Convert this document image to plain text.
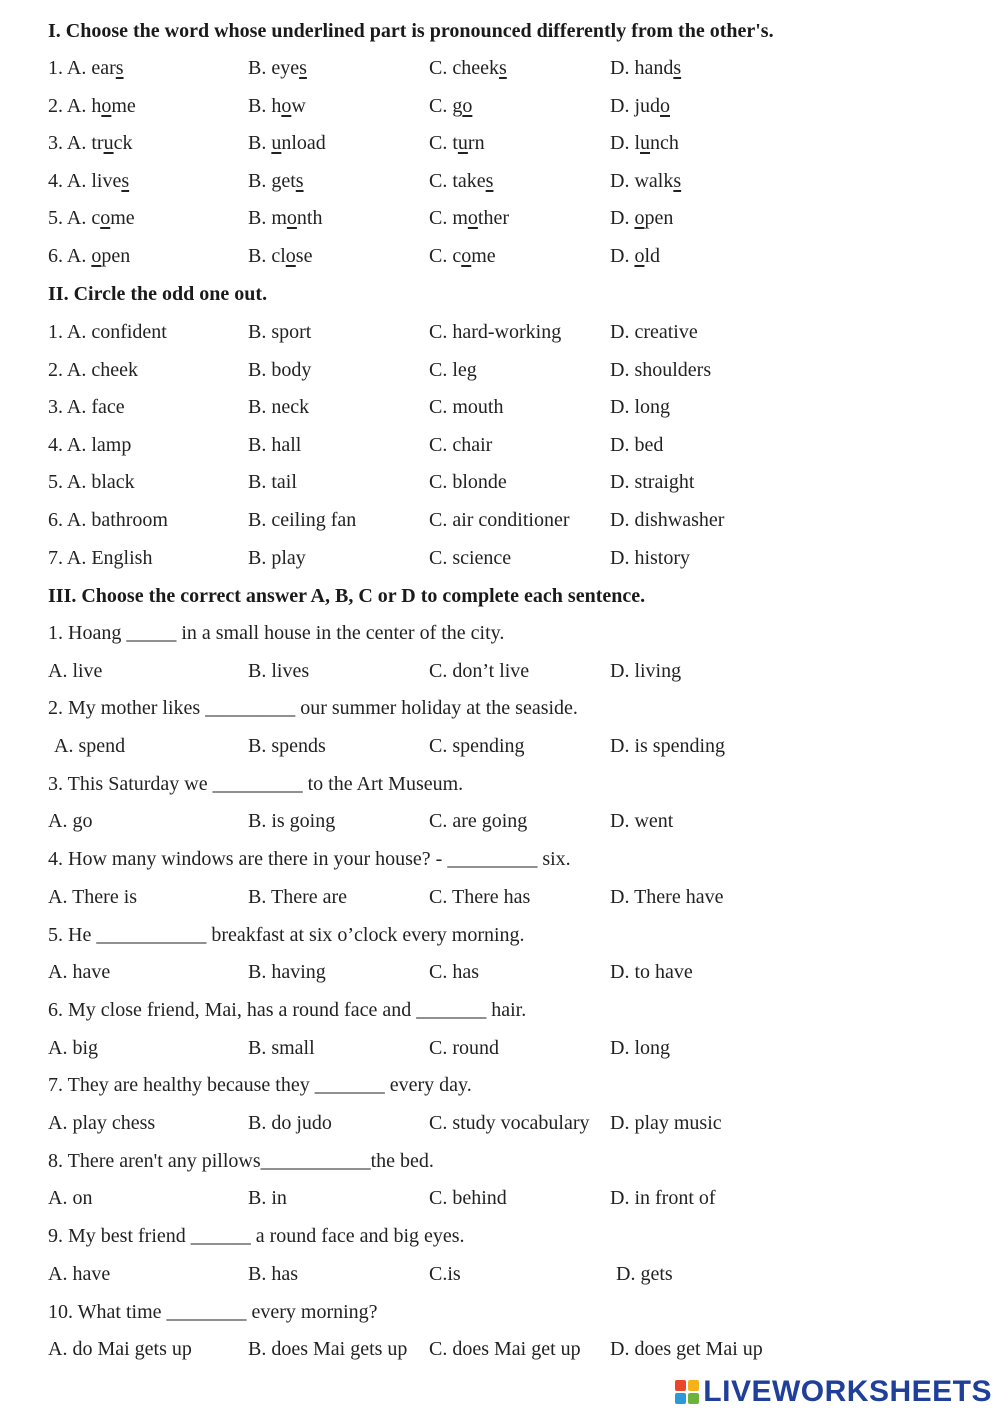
I. Choose the word whose underlined part is pronounced differently from the other's.
1. A. ears	B. eyes	C. cheeks	D. hands
2. A. home	B. how	C. go	D. judo
3. A. truck	B. unload	C. turn	D. lunch
4. A. lives	B. gets	C. takes	D. walks
5. A. come	B. month	C. mother	D. open
6. A. open	B. close	C. come	D. old
II. Circle the odd one out.
1. A. confident	B. sport	C. hard-working D. creative
2. A. cheek	B. body	C. leg	D. shoulders
3. A. face	B. neck	C. mouth	D. long
4. A. lamp	B. hall	C. chair	D. bed
5. A. black	B. tail	C. blonde	D. straight
6. A. bathroom	B. ceiling fan	C. air conditioner D. dishwasher
7. A. English	B. play	C. science	D. history
III. Choose the correct answer A, B, C or D to complete each sentence.
1. Hoang _____ in a small house in the center of the city.
A. live	B. lives	C. don’t live	D. living
2. My mother likes _________ our summer holiday at the seaside.
A. spend	B. spends	C. spending	D. is spending
3. This Saturday we _________ to the Art Museum.
A. go	B. is going	C. are going	D. went
4. How many windows are there in your house? - _________ six.
A. There is	B. There are	C. There has	D. There have
5. He ___________ breakfast at six o’clock every morning.
A. have	B. having	C. has	D. to have
6. My close friend, Mai, has a round face and _______ hair.
A. big	B. small	C. round	D. long
7. They are healthy because they _______ every day.
A. play chess	B. do judo	C. study vocabulary D. play music
8. There aren't any pillows___________the bed.
A. on	B. in	C. behind	D. in front of
9. My best friend ______ a round face and big eyes.
A. have	B. has	C.is	D. gets
10. What time ________ every morning?
A. do Mai gets up	B. does Mai gets up C. does Mai get up D. does get Mai up
LIVEWORKSHEETS
